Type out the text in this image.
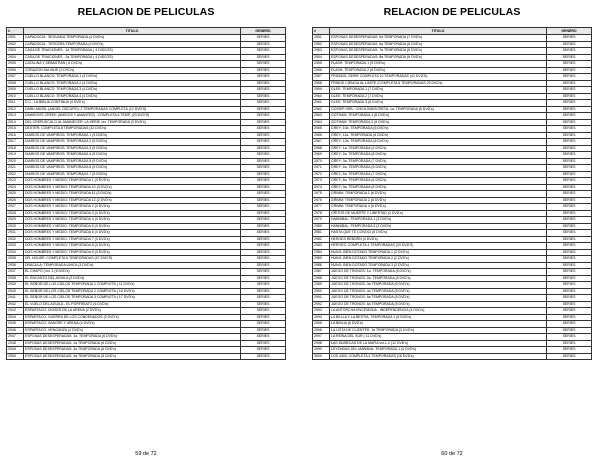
RELACION DE PELICULAS
#	TITULO	GENERO
2901	CAPADOCIA : SEGUNDA TEMPORADA (4 DVD's)	SERIES
2902	CAPADOCIA : TERCERA TEMPORADA (4 DVD's)	SERIES
2903	CASA DE TRAICIONES : 1a TEMPORADA ( 4 DISCOS)	SERIES
2904	CASA DE TRAICIONES : 2a TEMPORADA ( 4 DISCOS)	SERIES
2905	CATALINA Y SEBASTIAN ( 6 DVD's)	SERIES
2906	CORAZON SALVAJE (2 DVD's)	SERIES
2907	CUELLO BLANCO: TEMPORADA 1 (4 DVD's)	SERIES
2908	CUELLO BLANCO: TEMPORADA 2 (4 DVD's)	SERIES
2909	CUELLO BLANCO: TEMPORADA 3 (4 DVD's)	SERIES
2910	CUELLO BLANCO: TEMPORADA 4 (4 DVD's)	SERIES
2911	D.C., LA BIBLIA CONTINUA (4 DVD's)	SERIES
2912	DARK ANGEL (ANGEL OSCURO): 2 TEMPORADAS COMPLETA (12 DVD'S)	SERIES
2913	DAWSON'S CREEK (AMIGOS Y AMANTES) : COMPLETA 6 TEMP. (23 DVD'S)	SERIES
2914	DEL CREPUSCULO AL AMANECER: LA SERIE 1er. TEMPORADA (3 DVD's)	SERIES
2915	DEXTER: COMPLETA 8 TEMPORADAS (32 DVD's)	SERIES
2916	DIARIOS DE VAMPIROS: TEMPORADA 1 (5 DVD's)	SERIES
2917	DIARIOS DE VAMPIROS: TEMPORADA 2 (5 DVD's)	SERIES
2918	DIARIOS DE VAMPIROS: TEMPORADA 3 (5 DVD's)	SERIES
2919	DIARIOS DE VAMPIROS: TEMPORADA 4 (5 DVD's)	SERIES
2920	DIARIOS DE VAMPIROS: TEMPORADA 5 (5 DVD's)	SERIES
2921	DIARIOS DE VAMPIROS: TEMPORADA 6 (5 DVD's)	SERIES
2922	DIARIOS DE VAMPIROS: TEMPORADA 7 (5 DVD's)	SERIES
2923	DOS HOMBRES Y MEDIO: TEMPORADA 1 (4 DVD's)	SERIES
2924	DOS HOMBRES Y MEDIO: TEMPORADA 10 (3 DVD's)	SERIES
2925	DOS HOMBRES Y MEDIO: TEMPORADA 11 (3 DVD's)	SERIES
2926	DOS HOMBRES Y MEDIO: TEMPORADA 12 (2 DVD's)	SERIES
2927	DOS HOMBRES Y MEDIO: TEMPORADA 2 (4 DVD's)	SERIES
2928	DOS HOMBRES Y MEDIO: TEMPORADA 3 (4 DVD's)	SERIES
2929	DOS HOMBRES Y MEDIO: TEMPORADA 4 (4 DVD's)	SERIES
2930	DOS HOMBRES Y MEDIO: TEMPORADA 5 (3 DVD's)	SERIES
2931	DOS HOMBRES Y MEDIO: TEMPORADA 6 (4 DVD's)	SERIES
2932	DOS HOMBRES Y MEDIO: TEMPORADA 7 (3 DVD's)	SERIES
2933	DOS HOMBRES Y MEDIO: TEMPORADA 8 (3 DVD's)	SERIES
2934	DOS HOMBRES Y MEDIO: TEMPORADA 9 (3 DVD's)	SERIES
2935	DR. HOUSE: COMPLETA 8 TEMPORADAS (47 DVD'S)	SERIES
2936	DRACULA: TEMPORADA UNICA (3 DVD's)	SERIES
2937	EL CHAPO (Vol. 1 (5 DVD's)	SERIES
2938	EL ENCANTO DEL AGUILA (2 DVD's)	SERIES
2939	EL SEÑOR DE LOS CIELOS TEMPORADA 1 COMPLETA ( 11 DVD's)	SERIES
2940	EL SEÑOR DE LOS CIELOS TEMPORADA 2 COMPLETA ( 15 DVD's)	SERIES
2941	EL SEÑOR DE LOS CIELOS TEMPORADA 3 COMPLETA ( 17 DVD's)	SERIES
2942	EL VUELO DEL AGUILA - EL PORFIRIATO (6 DVD's)	SERIES
2943	ESPARTACO: DIOSES DE LA ARENA (2 DVD's)	SERIES
2944	ESPARTACO: GUERRA DE LOS CONDENADOS (3 DVD's)	SERIES
2945	ESPARTACO: SANGRE Y ARENA (4 DVD's)	SERIES
2946	ESPARTACO: VENGANZA (4 DVD's)	SERIES
2947	ESPOSAS DESESPERADAS: 1a. TEMPORADA (6 DVD's)	SERIES
2948	ESPOSAS DESESPERADAS: 2a TEMPORADA (6 DVD's)	SERIES
2949	ESPOSAS DESESPERADAS: 3a TEMPORADA (6 DVD's)	SERIES
2950	ESPOSAS DESESPERADAS: 4a TEMPORADA (5 DVD's)	SERIES
RELACION DE PELICULAS
#	TITULO	GENERO
2951	ESPOSAS DESESPERADAS: 5a TEMPORADA (7 DVD's)	SERIES
2952	ESPOSAS DESESPERADAS: 6a TEMPORADA (6 DVD's)	SERIES
2953	ESPOSAS DESESPERADAS: 7a TEMPORADA (6 DVD's)	SERIES
2954	ESPOSAS DESESPERADAS: 8a TEMPORADA (6 DVD's)	SERIES
2955	FLASH: TEMPORADA 1 (5 DVD's)	SERIES
2956	FLASH: TEMPORADA 2 (6 DVD's)	SERIES
2957	FRIENDS: SERIE COMPLETA 10 TEMPORADAS (41 DVD'S)	SERIES
2958	FRINGE CIENCIA AL LIMITE (COMPLETA 5 TEMPORADAS 29 DVD's)	SERIES
2959	GLEE: TEMPORADA 1 (7 DVD's)	SERIES
2960	GLEE: TEMPORADA 2 (7 DVD's)	SERIES
2961	GLEE: TEMPORADA 3 (6 DVD's)	SERIES
2962	GOSSIP GIRL: CHICA INDISCRETA: 1a. TEMPORADA (5 DVD's)	SERIES
2963	GOTHAM: TEMPORADA 1 (6 DVD's)	SERIES
2964	GOTHAM: TEMPORADA 2 (6 DVD's)	SERIES
2965	GREY; 10a. TEMPORADA (6 DVD's)	SERIES
2966	GREY; 11a. TEMPORADA (6 DVD's)	SERIES
2967	GREY; 12a. TEMPORADA (6 DVD's)	SERIES
2968	GREY; 1a. TEMPORADA (2 DVD's)	SERIES
2969	GREY; 2a. TEMPORADA (8 DVD's)	SERIES
2970	GREY; 3a. TEMPORADA (7 DVD's)	SERIES
2971	GREY; 4a. TEMPORADA (5 DVD's)	SERIES
2972	GREY; 5a. TEMPORADA (7 DVD's)	SERIES
2973	GREY; 8a. TEMPORADA (6 DVD's)	SERIES
2974	GREY; 9a. TEMPORADA (6 DVD's)	SERIES
2975	GRIMM: TEMPORADA 1 (6 DVD's)	SERIES
2976	GRIMM: TEMPORADA 2 (6 DVD's)	SERIES
2977	GRIMM: TEMPORADA 4 (6 DVD's)	SERIES
2978	GRITOS DE MUERTE Y LIBERTAD (2 DVD's)	SERIES
2979	HANNIBAL: TEMPORADA 1 (3 DVD's)	SERIES
2980	HANNIBAL: TEMPORADA 2 (3 DVD's)	SERIES
2981	HASTA QUE TE CONOCI (6 DVD's)	SERIES
2982	HEROES REBORN (4 DVD's)	SERIES
2983	HEROES: COMPLETA 4 TEMPORADAS (20 DVD'S)	SERIES
2984	HUNG: BIEN DOTADO TEMPORADA 1 (2 DVD's)	SERIES
2985	HUNG: BIEN DOTADO TEMPORADA 2 (2 DVD's)	SERIES
2986	HUNG: BIEN DOTADO TEMPORADA 3 (2 DVD's)	SERIES
2987	JUEGO DE TRONOS: 1a. TEMPORADA (5 DVD's)	SERIES
2988	JUEGO DE TRONOS: 2a. TEMPORADA (5 DVD's)	SERIES
2989	JUEGO DE TRONOS: 3a TEMPORADA (5 DVD's)	SERIES
2990	JUEGO DE TRONOS: 4a TEMPORADA (5 DVD's)	SERIES
2991	JUEGO DE TRONOS: 5a TEMPORADA (5 DVD's)	SERIES
2992	JUEGO DE TRONOS: 6a TEMPORADA (5 DVD's)	SERIES
2993	LA ANTORCHA ENCENDIDA - INDEPENDENCIA (4 DVD's)	SERIES
2994	LA BELLA Y LA BESTIA: TEMPORADA 1 (6 DVD's)	SERIES
2995	LA BIBLIA (6 DVD's)	SERIES
2996	LA LISTA DE CLIENTES: 1a TEMPORADA (3 DVD's)	SERIES
2997	LA REINA DEL SUR ( 11 DVD's)	SERIES
2998	LAS MUÑECAS DE LA MAFIA vol.1-2 (12 DVD's)	SERIES
2999	LEYENDAS DEL MAÑANA: TEMPORADA 1 (4 DVD's)	SERIES
3000	LOS 4400: COMPLETA 4 TEMPORADAS (16 DVD's)	SERIES
59 de 72	60 de 72
